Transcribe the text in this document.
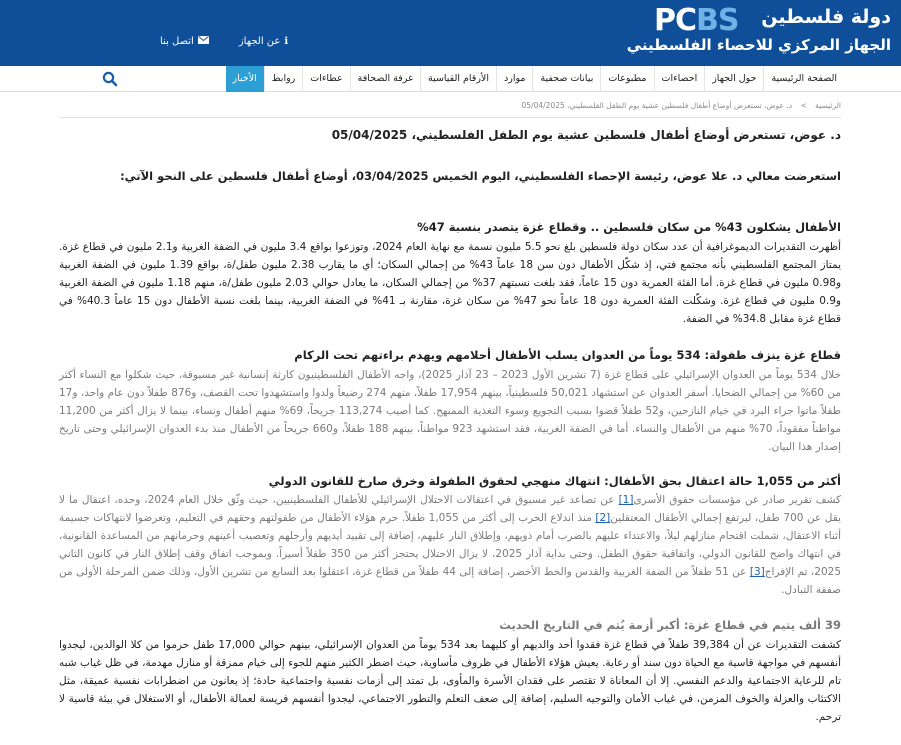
PCBS دولة فلسطين
الجهاز المركزي للاحصاء الفلسطيني
ℹ
عن الجهاز
اتصل بنا
الصفحة الرئيسية
حول الجهاز
احصاءات
مطبوعات
بيانات صحفية
موارد
الأرقام القياسية
غرفة الصحافة
عطاءات
روابط
الأخبار
الرئيسية > د. عوض، تستعرض أوضاع أطفال فلسطين عشية يوم الطفل الفلسطيني، 05/04/2025
د. عوض، تستعرض أوضاع أطفال فلسطين عشية يوم الطفل الفلسطيني، 05/04/2025
استعرضت معالي د. علا عوض، رئيسة الإحصاء الفلسطيني، اليوم الخميس 03/04/2025، أوضاع أطفال فلسطين على النحو الآتي:
الأطفال يشكلون 43% من سكان فلسطين .. وقطاع غزة يتصدر بنسبة 47%
أظهرت التقديرات الديموغرافية أن عدد سكان دولة فلسطين بلغ نحو 5.5 مليون نسمة مع نهاية العام 2024، وتوزعوا بواقع 3.4 مليون في الضفة الغربية و2.1 مليون في قطاع غزة. يمتاز المجتمع الفلسطيني بأنه مجتمع فتي، إذ شكّل الأطفال دون سن 18 عاماً 43% من إجمالي السكان؛ أي ما يقارب 2.38 مليون طفل/ة، بواقع 1.39 مليون في الضفة الغربية و0.98 مليون في قطاع غزة. أما الفئة العمرية دون 15 عاماً، فقد بلغت نسبتهم 37% من إجمالي السكان، ما يعادل حوالي 2.03 مليون طفل/ة، منهم 1.18 مليون في الضفة الغربية و0.9 مليون في قطاع غزة. وشكّلت الفئة العمرية دون 18 عاماً نحو 47% من سكان غزة، مقارنة بـ 41% في الضفة الغربية، بينما بلغت نسبة الأطفال دون 15 عاماً 40.3% في قطاع غزة مقابل 34.8% في الضفة.
قطاع غزة ينزف طفولة: 534 يوماً من العدوان يسلب الأطفال أحلامهم ويهدم براءتهم تحت الركام
خلال 534 يوماً من العدوان الإسرائيلي على قطاع غزة (7 تشرين الأول 2023 – 23 آذار 2025)، واجه الأطفال الفلسطينيون كارثة إنسانية غير مسبوقة، حيث شكلوا مع النساء أكثر من 60% من إجمالي الضحايا. أسفر العدوان عن استشهاد 50,021 فلسطينياً، بينهم 17,954 طفلاً، منهم 274 رضيعاً ولدوا واستشهدوا تحت القصف، و876 طفلاً دون عام واحد، و17 طفلاً ماتوا جراء البرد في خيام النازحين، و52 طفلاً قضوا بسبب التجويع وسوء التغذية الممنهج. كما أصيب 113,274 جريحاً، 69% منهم أطفال ونساء، بينما لا يزال أكثر من 11,200 مواطناً مفقوداً، 70% منهم من الأطفال والنساء. أما في الضفة الغربية، فقد استشهد 923 مواطناً، بينهم 188 طفلاً، و660 جريحاً من الأطفال منذ بدء العدوان الإسرائيلي وحتى تاريخ إصدار هذا البيان.
أكثر من 1,055 حالة اعتقال بحق الأطفال: انتهاك منهجي لحقوق الطفولة وخرق صارخ للقانون الدولي
كشف تقرير صادر عن مؤسسات حقوق الأسرى[1] عن تصاعد غير مسبوق في اعتقالات الاحتلال الإسرائيلي للأطفال الفلسطينيين، حيث وثّق خلال العام 2024، وحده، اعتقال ما لا يقل عن 700 طفل، ليرتفع إجمالي الأطفال المعتقلين[2] منذ اندلاع الحرب إلى أكثر من 1,055 طفلاً. حرم هؤلاء الأطفال من طفولتهم وحقهم في التعليم، وتعرضوا لانتهاكات جسيمة أثناء الاعتقال، شملت اقتحام منازلهم ليلاً، والاعتداء عليهم بالضرب أمام ذويهم، وإطلاق النار عليهم، إضافة إلى تقييد أيديهم وأرجلهم وتعصيب أعينهم وحرمانهم من المساعدة القانونية، في انتهاك واضح للقانون الدولي، واتفاقية حقوق الطفل. وحتى بداية آذار 2025، لا يزال الاحتلال يحتجز أكثر من 350 طفلاً أسيراً. وبموجب اتفاق وقف إطلاق النار في كانون الثاني 2025، تم الإفراج[3] عن 51 طفلاً من الضفة الغربية والقدس والخط الأخضر، إضافة إلى 44 طفلاً من قطاع غزة، اعتقلوا بعد السابع من تشرين الأول، وذلك ضمن المرحلة الأولى من صفقة التبادل.
39 ألف يتيم في قطاع غزة: أكبر أزمة يُتم في التاريخ الحديث
كشفت التقديرات عن أن 39,384 طفلاً في قطاع غزة فقدوا أحد والديهم أو كليهما بعد 534 يوماً من العدوان الإسرائيلي، بينهم حوالي 17,000 طفل حرموا من كلا الوالدين، ليجدوا أنفسهم في مواجهة قاسية مع الحياة دون سند أو رعاية. يعيش هؤلاء الأطفال في ظروف مأساوية، حيث اضطر الكثير منهم للجوء إلى خيام ممزقة أو منازل مهدمة، في ظل غياب شبه تام للرعاية الاجتماعية والدعم النفسي. إلا أن المعاناة لا تقتصر على فقدان الأسرة والمأوى، بل تمتد إلى أزمات نفسية واجتماعية حادة؛ إذ يعانون من اضطرابات نفسية عميقة، مثل الاكتئاب والعزلة والخوف المزمن، في غياب الأمان والتوجيه السليم، إضافة إلى ضعف التعلم والتطور الاجتماعي، ليجدوا أنفسهم فريسة لعمالة الأطفال، أو الاستغلال في بيئة قاسية لا ترحم.
